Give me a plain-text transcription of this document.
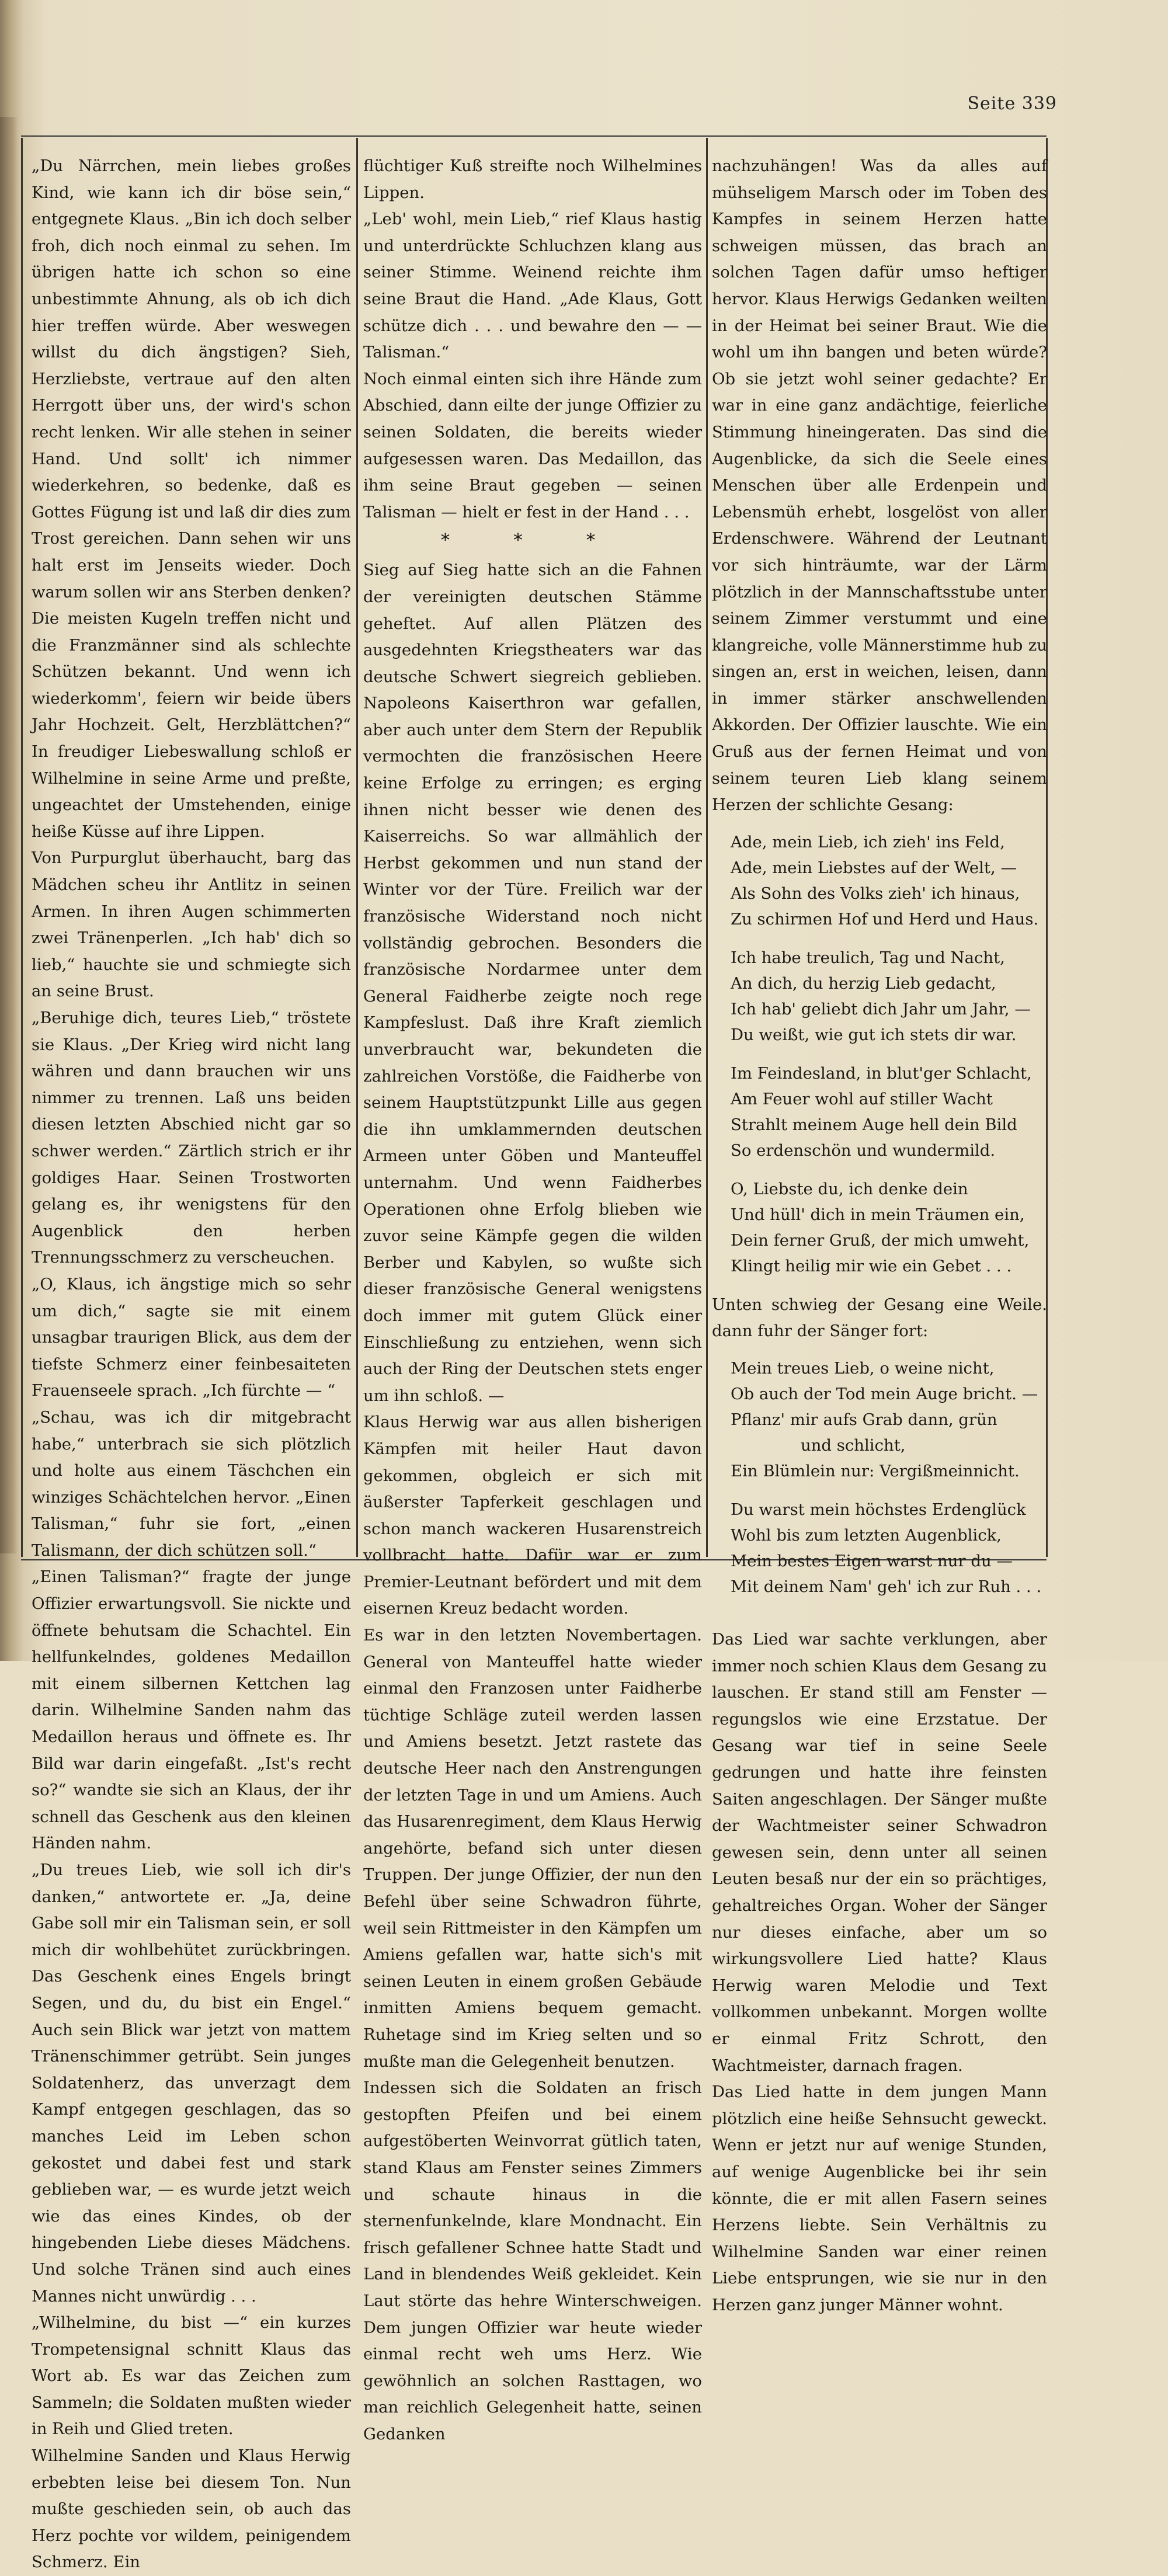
Seite 339

„Du Närrchen, mein liebes großes Kind, wie kann ich dir böse sein,“ entgegnete Klaus. „Bin ich doch selber froh, dich noch einmal zu sehen. Im übrigen hatte ich schon so eine unbestimmte Ahnung, als ob ich dich hier treffen würde. Aber weswegen willst du dich ängstigen? Sieh, Herzliebste, vertraue auf den alten Herrgott über uns, der wird's schon recht lenken. Wir alle stehen in seiner Hand. Und sollt' ich nimmer wiederkehren, so bedenke, daß es Gottes Fügung ist und laß dir dies zum Trost gereichen. Dann sehen wir uns halt erst im Jenseits wieder. Doch warum sollen wir ans Sterben denken? Die meisten Kugeln treffen nicht und die Franzmänner sind als schlechte Schützen bekannt. Und wenn ich wiederkomm', feiern wir beide übers Jahr Hochzeit. Gelt, Herzblättchen?“ In freudiger Liebeswallung schloß er Wilhelmine in seine Arme und preßte, ungeachtet der Umstehenden, einige heiße Küsse auf ihre Lippen.

Von Purpurglut überhaucht, barg das Mädchen scheu ihr Antlitz in seinen Armen. In ihren Augen schimmerten zwei Tränenperlen. „Ich hab' dich so lieb,“ hauchte sie und schmiegte sich an seine Brust.

„Beruhige dich, teures Lieb,“ tröstete sie Klaus. „Der Krieg wird nicht lang währen und dann brauchen wir uns nimmer zu trennen. Laß uns beiden diesen letzten Abschied nicht gar so schwer werden.“ Zärtlich strich er ihr goldiges Haar. Seinen Trostworten gelang es, ihr wenigstens für den Augenblick den herben Trennungsschmerz zu verscheuchen.

„O, Klaus, ich ängstige mich so sehr um dich,“ sagte sie mit einem unsagbar traurigen Blick, aus dem der tiefste Schmerz einer feinbesaiteten Frauenseele sprach. „Ich fürchte — “

„Schau, was ich dir mitgebracht habe,“ unterbrach sie sich plötzlich und holte aus einem Täschchen ein winziges Schächtelchen hervor. „Einen Talisman,“ fuhr sie fort, „einen Talismann, der dich schützen soll.“

„Einen Talisman?“ fragte der junge Offizier erwartungsvoll. Sie nickte und öffnete behutsam die Schachtel. Ein hellfunkelndes, goldenes Medaillon mit einem silbernen Kettchen lag darin. Wilhelmine Sanden nahm das Medaillon heraus und öffnete es. Ihr Bild war darin eingefaßt. „Ist's recht so?“ wandte sie sich an Klaus, der ihr schnell das Geschenk aus den kleinen Händen nahm.

„Du treues Lieb, wie soll ich dir's danken,“ antwortete er. „Ja, deine Gabe soll mir ein Talisman sein, er soll mich dir wohlbehütet zurückbringen. Das Geschenk eines Engels bringt Segen, und du, du bist ein Engel.“ Auch sein Blick war jetzt von mattem Tränenschimmer getrübt. Sein junges Soldatenherz, das unverzagt dem Kampf entgegen geschlagen, das so manches Leid im Leben schon gekostet und dabei fest und stark geblieben war, — es wurde jetzt weich wie das eines Kindes, ob der hingebenden Liebe dieses Mädchens. Und solche Tränen sind auch eines Mannes nicht unwürdig . . .

„Wilhelmine, du bist —“ ein kurzes Trompetensignal schnitt Klaus das Wort ab. Es war das Zeichen zum Sammeln; die Soldaten mußten wieder in Reih und Glied treten.

Wilhelmine Sanden und Klaus Herwig erbebten leise bei diesem Ton. Nun mußte geschieden sein, ob auch das Herz pochte vor wildem, peinigendem Schmerz. Ein

flüchtiger Kuß streifte noch Wilhelmines Lippen.

„Leb' wohl, mein Lieb,“ rief Klaus hastig und unterdrückte Schluchzen klang aus seiner Stimme. Weinend reichte ihm seine Braut die Hand. „Ade Klaus, Gott schütze dich . . . und bewahre den — — Talisman.“

Noch einmal einten sich ihre Hände zum Abschied, dann eilte der junge Offizier zu seinen Soldaten, die bereits wieder aufgesessen waren. Das Medaillon, das ihm seine Braut gegeben — seinen Talisman — hielt er fest in der Hand . . .

* * *

Sieg auf Sieg hatte sich an die Fahnen der vereinigten deutschen Stämme geheftet. Auf allen Plätzen des ausgedehnten Kriegstheaters war das deutsche Schwert siegreich geblieben. Napoleons Kaiserthron war gefallen, aber auch unter dem Stern der Republik vermochten die französischen Heere keine Erfolge zu erringen; es erging ihnen nicht besser wie denen des Kaiserreichs. So war allmählich der Herbst gekommen und nun stand der Winter vor der Türe. Freilich war der französische Widerstand noch nicht vollständig gebrochen. Besonders die französische Nordarmee unter dem General Faidherbe zeigte noch rege Kampfeslust. Daß ihre Kraft ziemlich unverbraucht war, bekundeten die zahlreichen Vorstöße, die Faidherbe von seinem Hauptstützpunkt Lille aus gegen die ihn umklammernden deutschen Armeen unter Göben und Manteuffel unternahm. Und wenn Faidherbes Operationen ohne Erfolg blieben wie zuvor seine Kämpfe gegen die wilden Berber und Kabylen, so wußte sich dieser französische General wenigstens doch immer mit gutem Glück einer Einschließung zu entziehen, wenn sich auch der Ring der Deutschen stets enger um ihn schloß. —

Klaus Herwig war aus allen bisherigen Kämpfen mit heiler Haut davon gekommen, obgleich er sich mit äußerster Tapferkeit geschlagen und schon manch wackeren Husarenstreich vollbracht hatte. Dafür war er zum Premier-Leutnant befördert und mit dem eisernen Kreuz bedacht worden.

Es war in den letzten Novembertagen. General von Manteuffel hatte wieder einmal den Franzosen unter Faidherbe tüchtige Schläge zuteil werden lassen und Amiens besetzt. Jetzt rastete das deutsche Heer nach den Anstrengungen der letzten Tage in und um Amiens. Auch das Husarenregiment, dem Klaus Herwig angehörte, befand sich unter diesen Truppen. Der junge Offizier, der nun den Befehl über seine Schwadron führte, weil sein Rittmeister in den Kämpfen um Amiens gefallen war, hatte sich's mit seinen Leuten in einem großen Gebäude inmitten Amiens bequem gemacht. Ruhetage sind im Krieg selten und so mußte man die Gelegenheit benutzen.

Indessen sich die Soldaten an frisch gestopften Pfeifen und bei einem aufgestöberten Weinvorrat gütlich taten, stand Klaus am Fenster seines Zimmers und schaute hinaus in die sternenfunkelnde, klare Mondnacht. Ein frisch gefallener Schnee hatte Stadt und Land in blendendes Weiß gekleidet. Kein Laut störte das hehre Winterschweigen. Dem jungen Offizier war heute wieder einmal recht weh ums Herz. Wie gewöhnlich an solchen Rasttagen, wo man reichlich Gelegenheit hatte, seinen Gedanken

nachzuhängen! Was da alles auf mühseligem Marsch oder im Toben des Kampfes in seinem Herzen hatte schweigen müssen, das brach an solchen Tagen dafür umso heftiger hervor. Klaus Herwigs Gedanken weilten in der Heimat bei seiner Braut. Wie die wohl um ihn bangen und beten würde? Ob sie jetzt wohl seiner gedachte? Er war in eine ganz andächtige, feierliche Stimmung hineingeraten. Das sind die Augenblicke, da sich die Seele eines Menschen über alle Erdenpein und Lebensmüh erhebt, losgelöst von aller Erdenschwere. Während der Leutnant vor sich hinträumte, war der Lärm plötzlich in der Mannschaftsstube unter seinem Zimmer verstummt und eine klangreiche, volle Männerstimme hub zu singen an, erst in weichen, leisen, dann in immer stärker anschwellenden Akkorden. Der Offizier lauschte. Wie ein Gruß aus der fernen Heimat und von seinem teuren Lieb klang seinem Herzen der schlichte Gesang:

Ade, mein Lieb, ich zieh' ins Feld,
Ade, mein Liebstes auf der Welt, —
Als Sohn des Volks zieh' ich hinaus,
Zu schirmen Hof und Herd und Haus.
Ich habe treulich, Tag und Nacht,
An dich, du herzig Lieb gedacht,
Ich hab' geliebt dich Jahr um Jahr, —
Du weißt, wie gut ich stets dir war.
Im Feindesland, in blut'ger Schlacht,
Am Feuer wohl auf stiller Wacht
Strahlt meinem Auge hell dein Bild
So erdenschön und wundermild.
O, Liebste du, ich denke dein
Und hüll' dich in mein Träumen ein,
Dein ferner Gruß, der mich umweht,
Klingt heilig mir wie ein Gebet . . .

Unten schwieg der Gesang eine Weile. dann fuhr der Sänger fort:

Mein treues Lieb, o weine nicht,
Ob auch der Tod mein Auge bricht. —
Pflanz' mir aufs Grab dann, grün
und schlicht,
Ein Blümlein nur: Vergißmeinnicht.
Du warst mein höchstes Erdenglück
Wohl bis zum letzten Augenblick,
Mein bestes Eigen warst nur du —
Mit deinem Nam' geh' ich zur Ruh . . .

Das Lied war sachte verklungen, aber immer noch schien Klaus dem Gesang zu lauschen. Er stand still am Fenster — regungslos wie eine Erzstatue. Der Gesang war tief in seine Seele gedrungen und hatte ihre feinsten Saiten angeschlagen. Der Sänger mußte der Wachtmeister seiner Schwadron gewesen sein, denn unter all seinen Leuten besaß nur der ein so prächtiges, gehaltreiches Organ. Woher der Sänger nur dieses einfache, aber um so wirkungsvollere Lied hatte? Klaus Herwig waren Melodie und Text vollkommen unbekannt. Morgen wollte er einmal Fritz Schrott, den Wachtmeister, darnach fragen.

Das Lied hatte in dem jungen Mann plötzlich eine heiße Sehnsucht geweckt. Wenn er jetzt nur auf wenige Stunden, auf wenige Augenblicke bei ihr sein könnte, die er mit allen Fasern seines Herzens liebte. Sein Verhältnis zu Wilhelmine Sanden war einer reinen Liebe entsprungen, wie sie nur in den Herzen ganz junger Männer wohnt.
